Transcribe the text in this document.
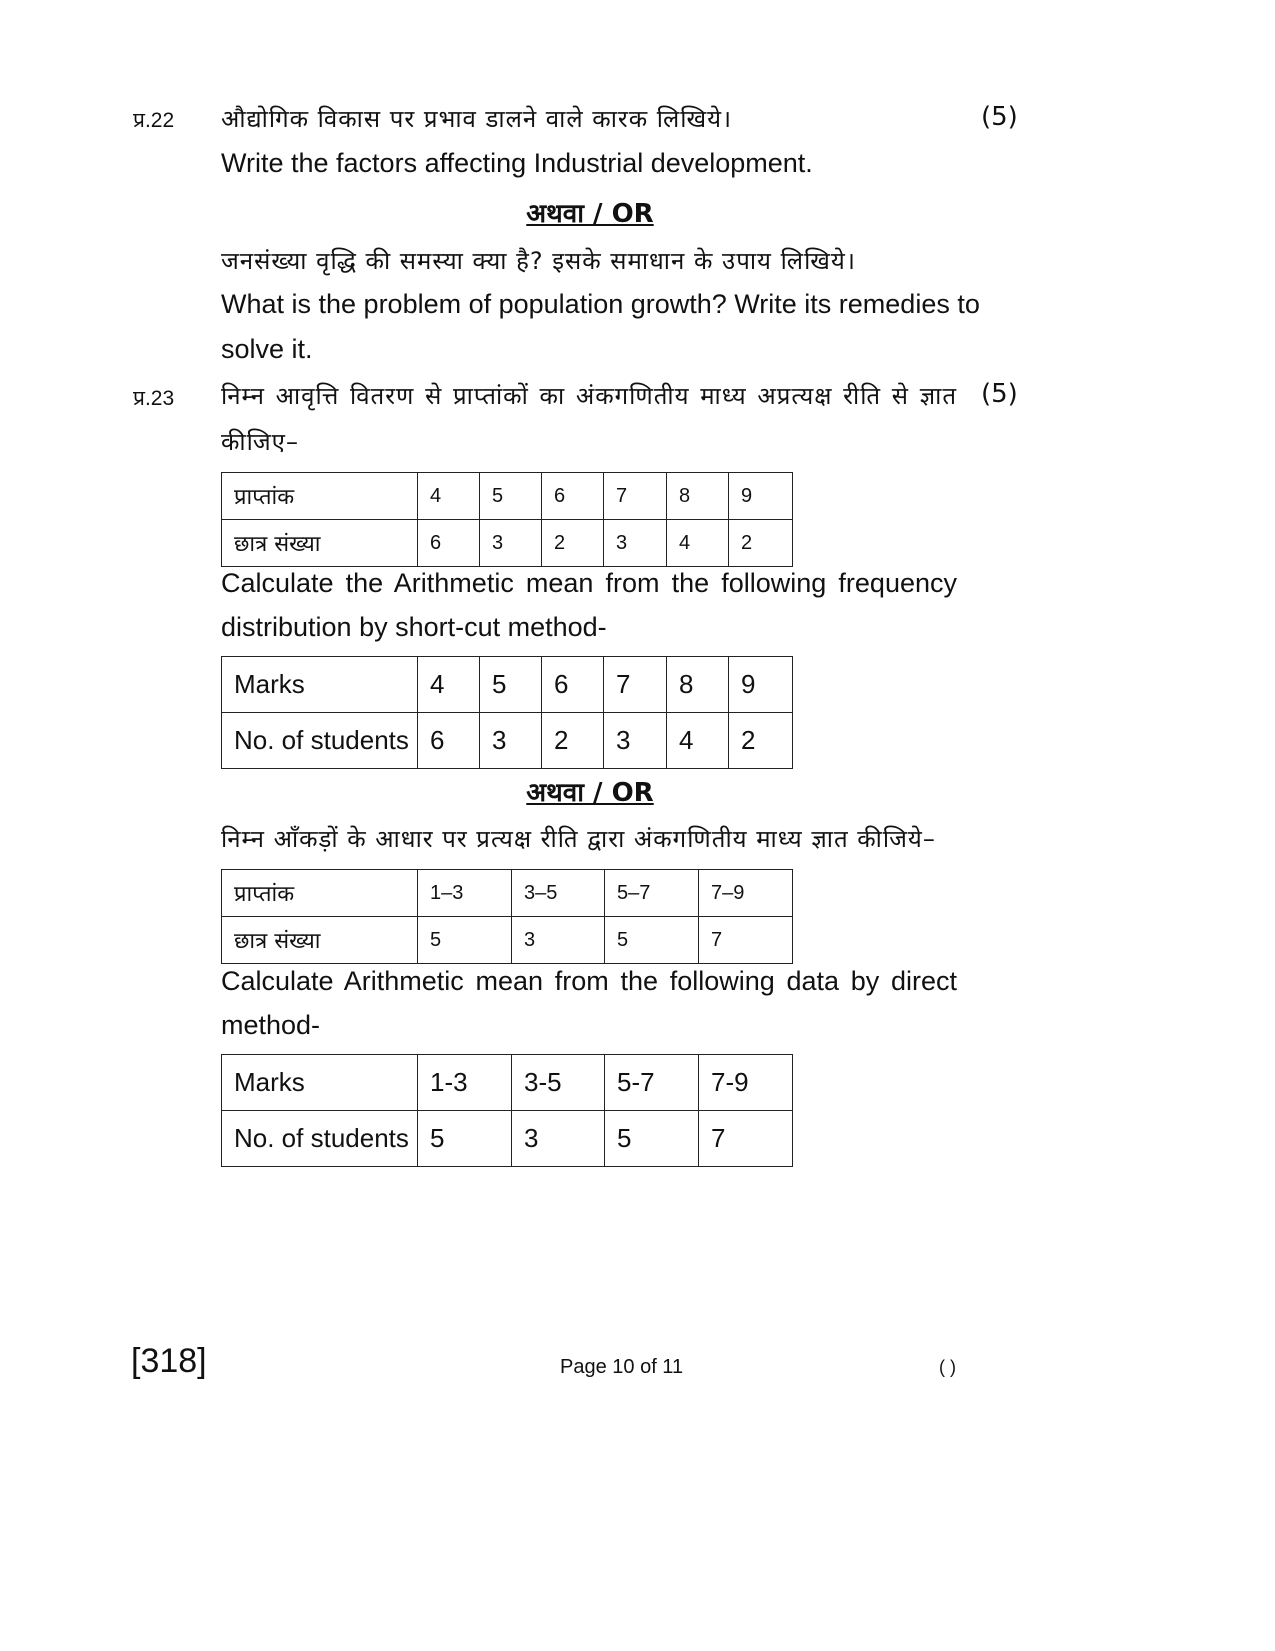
प्र.22 औद्योगिक विकास पर प्रभाव डालने वाले कारक लिखिये।	(5)
Write the factors affecting Industrial development.
अथवा / OR
जनसंख्या वृद्धि की समस्या क्या है? इसके समाधान के उपाय लिखिये।
What is the problem of population growth? Write its remedies to
solve it.
प्र.23 निम्न आवृत्ति वितरण से प्राप्तांकों का अंकगणितीय माध्य अप्रत्यक्ष रीति से ज्ञात (5)
कीजिए–
प्राप्तांक	4	5	6	7	8	9
छात्र संख्या	6	3	2	3	4	2
Calculate the Arithmetic mean from the following frequency
distribution by short-cut method-
Marks	4	5	6	7	8	9
No. of students	6	3	2	3	4	2
अथवा / OR
निम्न आँकड़ों के आधार पर प्रत्यक्ष रीति द्वारा अंकगणितीय माध्य ज्ञात कीजिये–
प्राप्तांक	1–3	3–5	5–7	7–9
छात्र संख्या	5	3	5	7
Calculate Arithmetic mean from the following data by direct
method-
Marks	1-3	3-5	5-7	7-9
No. of students	5	3	5	7
[318]	Page 10 of 11	( )
